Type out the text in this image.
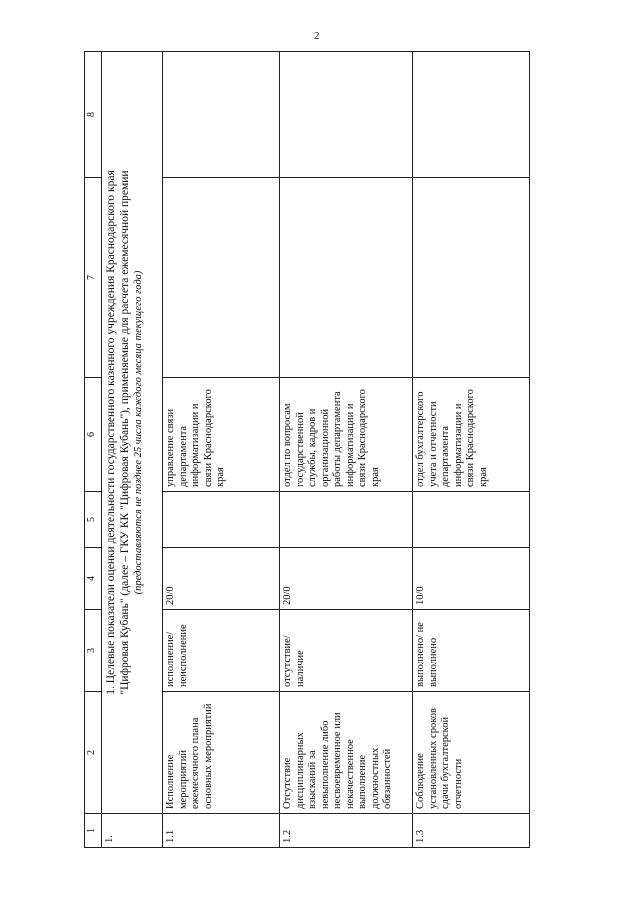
2
1	2	3	4	5	6	7	8
1.	1. Целевые показатели оценки деятельности государственного казенного учреждения Краснодарского края "Цифровая Кубань" (далее – ГКУ КК "Цифровая Кубань"), применяемые для расчета ежемесячной премии (предоставляются не позднее 25 числа каждого месяца текущего года)						

1.1	Исполнение мероприятий ежемесячного плана основных мероприятий	исполнение/ неисполнение	20/0		управление связи департамента информатизации и связи Краснодарского края		
1.2	Отсутствие дисциплинарных взысканий за невыполнение либо несвоевременное или некачественное выполнение должностных обязанностей	отсутствие/ наличие	20/0		отдел по вопросам государственной службы, кадров и организационной работы департамента информатизации и связи Краснодарского края		
1.3	Соблюдение установленных сроков сдачи бухгалтерской отчетности	выполнено/ не выполнено	10/0		отдел бухгалтерского учета и отчетности департамента информатизации и связи Краснодарского края		
